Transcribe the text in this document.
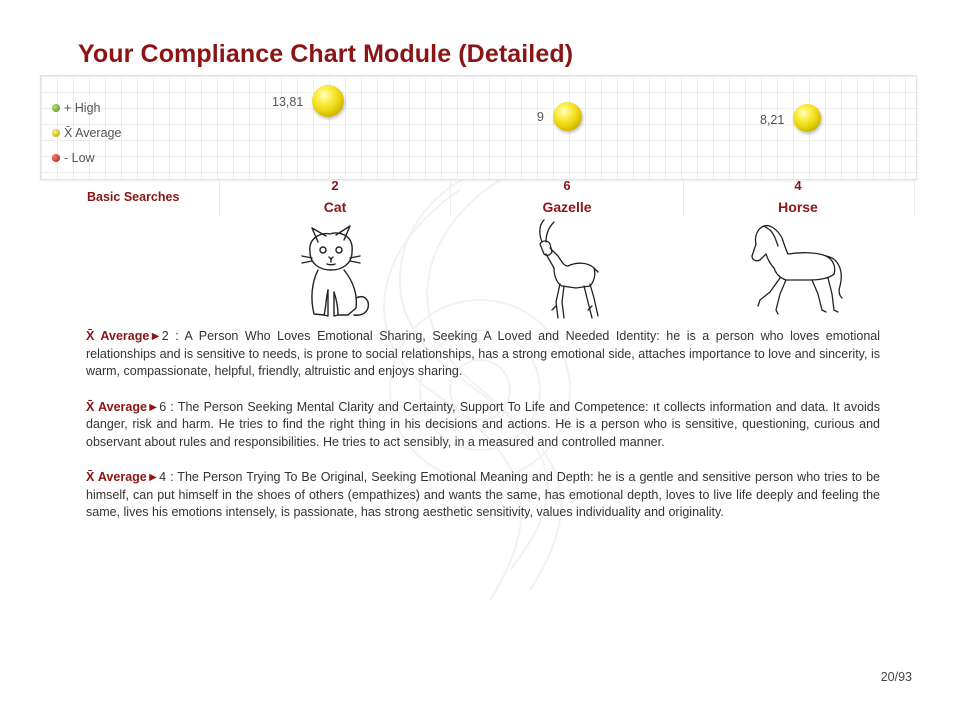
Your Compliance Chart Module (Detailed)
+ High
X̄ Average
- Low
13,81
9	8,21
Basic Searches
2
Cat
6
Gazelle
4
Horse

X̄ Average►2 : A Person Who Loves Emotional Sharing, Seeking A Loved and Needed Identity: he is a person who loves emotional relationships and is sensitive to needs, is prone to social relationships, has a strong emotional side, attaches importance to love and sincerity, is warm, compassionate, helpful, friendly, altruistic and enjoys sharing.

X̄ Average►6 : The Person Seeking Mental Clarity and Certainty, Support To Life and Competence: ıt collects information and data. It avoids danger, risk and harm. He tries to find the right thing in his decisions and actions. He is a person who is sensitive, questioning, curious and observant about rules and responsibilities. He tries to act sensibly, in a measured and controlled manner.

X̄ Average►4 : The Person Trying To Be Original, Seeking Emotional Meaning and Depth: he is a gentle and sensitive person who tries to be himself, can put himself in the shoes of others (empathizes) and wants the same, has emotional depth, loves to live life deeply and feeling the same, lives his emotions intensely, is passionate, has strong aesthetic sensitivity, values individuality and originality.

20/93
